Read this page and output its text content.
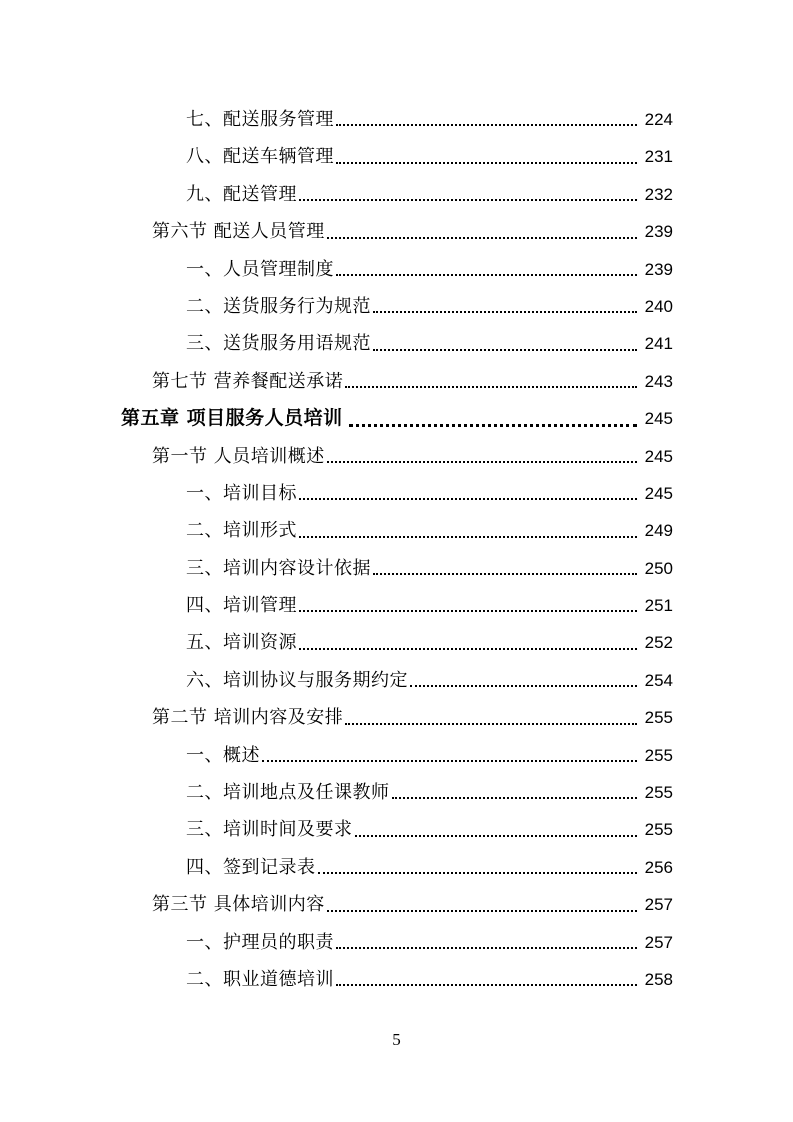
七、配送服务管理	224
八、配送车辆管理	231
九、配送管理	232
第六节 配送人员管理	239
一、人员管理制度	239
二、送货服务行为规范	240
三、送货服务用语规范	241
第七节 营养餐配送承诺	243
第五章 项目服务人员培训	245
第一节 人员培训概述	245
一、培训目标	245
二、培训形式	249
三、培训内容设计依据	250
四、培训管理	251
五、培训资源	252
六、培训协议与服务期约定	254
第二节 培训内容及安排	255
一、概述	255
二、培训地点及任课教师	255
三、培训时间及要求	255
四、签到记录表	256
第三节 具体培训内容	257
一、护理员的职责	257
二、职业道德培训	258
5
